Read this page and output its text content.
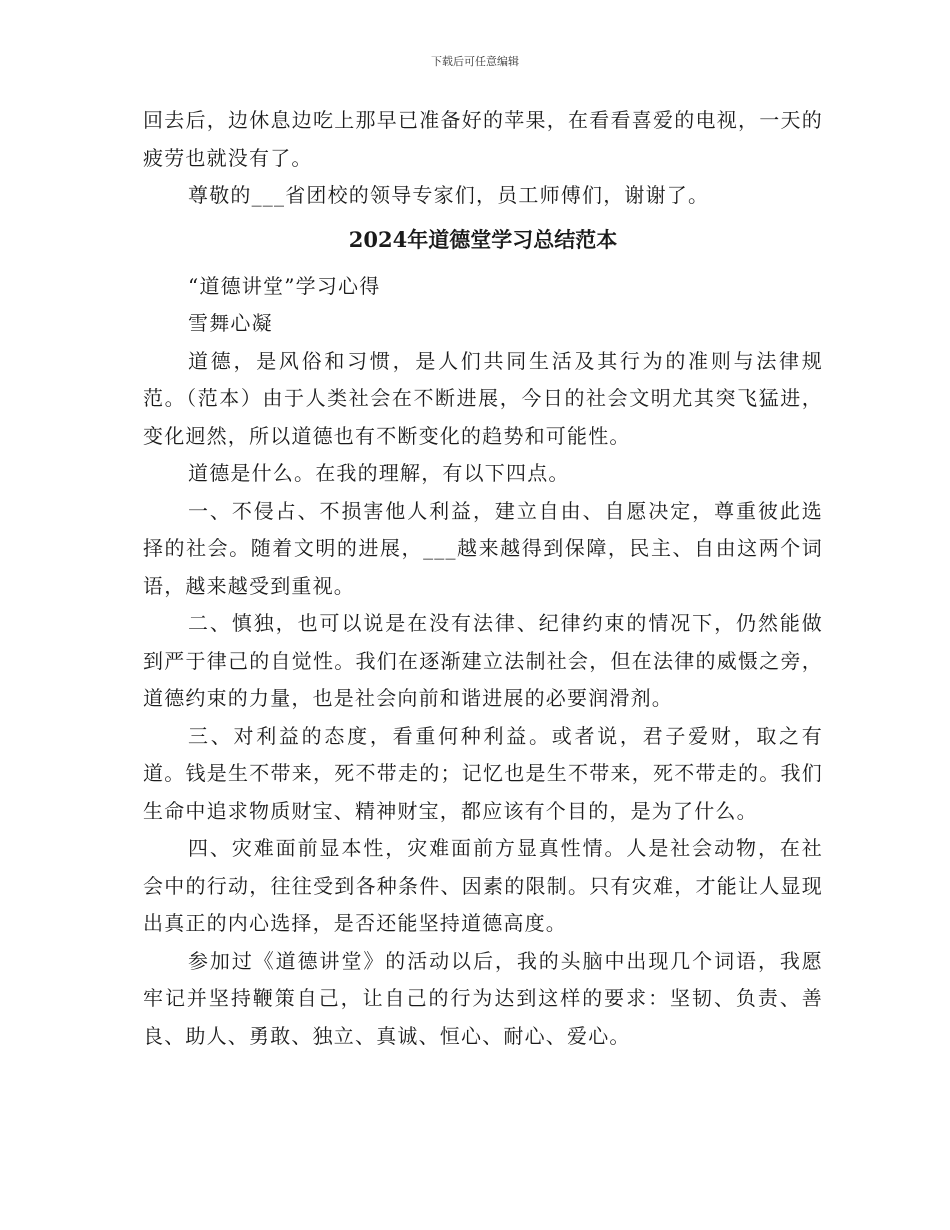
下载后可任意编辑

回去后，边休息边吃上那早已准备好的苹果，在看看喜爱的电视，一天的疲劳也就没有了。

尊敬的___省团校的领导专家们，员工师傅们，谢谢了。

2024年道德堂学习总结范本

“道德讲堂”学习心得

雪舞心凝

道德，是风俗和习惯，是人们共同生活及其行为的准则与法律规范。（范本）由于人类社会在不断进展，今日的社会文明尤其突飞猛进，变化迥然，所以道德也有不断变化的趋势和可能性。

道德是什么。在我的理解，有以下四点。

一、不侵占、不损害他人利益，建立自由、自愿决定，尊重彼此选择的社会。随着文明的进展，___越来越得到保障，民主、自由这两个词语，越来越受到重视。

二、慎独，也可以说是在没有法律、纪律约束的情况下，仍然能做到严于律己的自觉性。我们在逐渐建立法制社会，但在法律的威慑之旁，道德约束的力量，也是社会向前和谐进展的必要润滑剂。

三、对利益的态度，看重何种利益。或者说，君子爱财，取之有道。钱是生不带来，死不带走的；记忆也是生不带来，死不带走的。我们生命中追求物质财宝、精神财宝，都应该有个目的，是为了什么。

四、灾难面前显本性，灾难面前方显真性情。人是社会动物，在社会中的行动，往往受到各种条件、因素的限制。只有灾难，才能让人显现出真正的内心选择，是否还能坚持道德高度。

参加过《道德讲堂》的活动以后，我的头脑中出现几个词语，我愿牢记并坚持鞭策自己，让自己的行为达到这样的要求：坚韧、负责、善良、助人、勇敢、独立、真诚、恒心、耐心、爱心。
